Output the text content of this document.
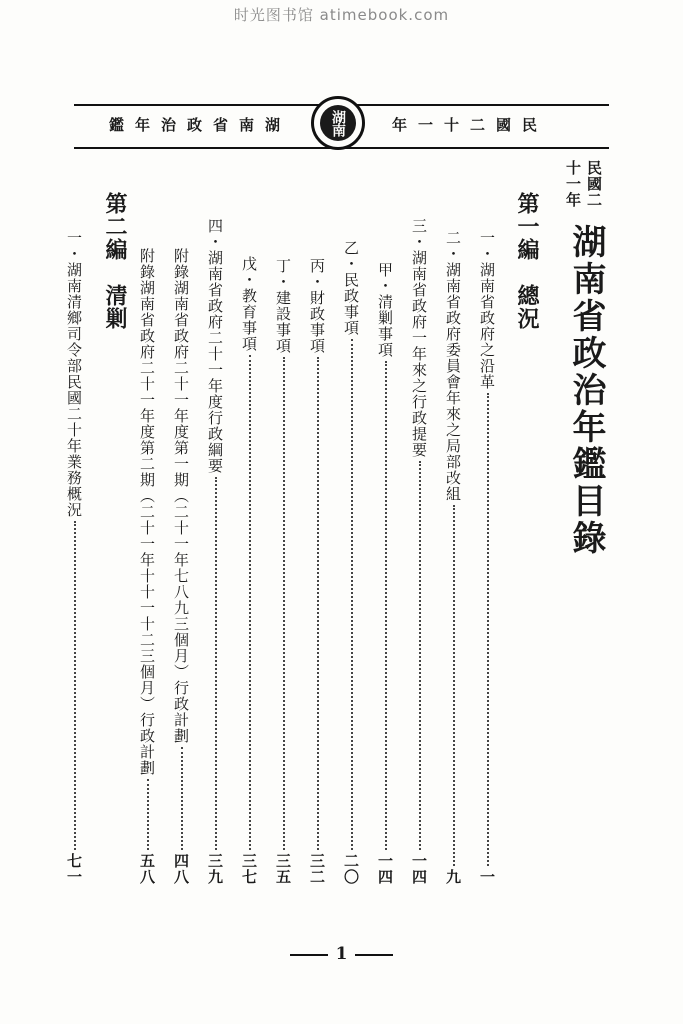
时光图书馆 atimebook.com
鑑年治政省南湖	湖南	年一十二國民
民國二十一年
湖南省政治年鑑目錄
第一編　總況
一・湖南省政府之沿革
一
二・湖南省政府委員會年來之局部改組
九
三・湖南省政府一年來之行政提要
一四
甲・清剿事項
一四
乙・民政事項
二〇
丙・財政事項
三二
丁・建設事項
三五
戊・教育事項
三七
四・湖南省政府二十一年度行政綱要
三九
附錄湖南省政府二十一年度第一期（二十一年七八九三個月）行政計劃
四八
附錄湖南省政府二十一年度第二期（二十一年十十一十二三個月）行政計劃
五八
第二編　清剿
一・湖南清鄉司令部民國二十年業務概況
七一
1
